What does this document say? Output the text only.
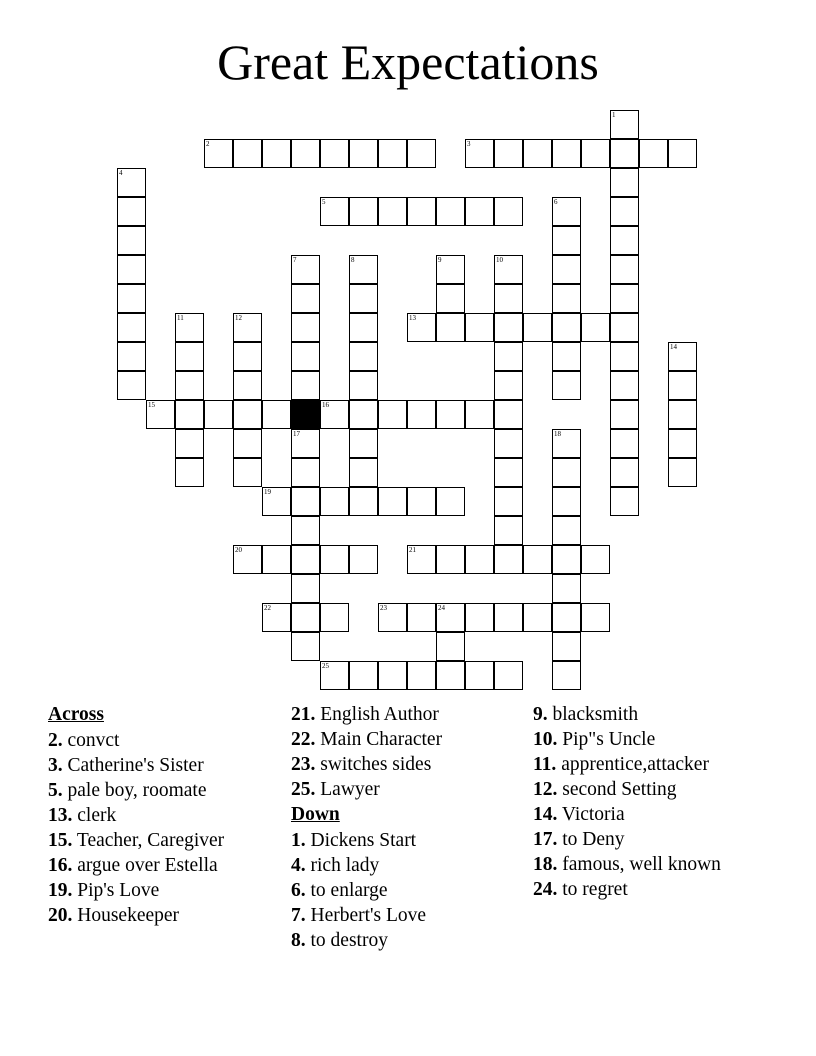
Great Expectations
1
2	3
4
5	6
7	8	9	10
11	12	13
14
15	16
17	18
19
20	21
22	23	24
25
Across
2. convct
3. Catherine's Sister
5. pale boy, roomate
13. clerk
15. Teacher, Caregiver
16. argue over Estella
19. Pip's Love
20. Housekeeper
21. English Author
22. Main Character
23. switches sides
25. Lawyer
Down
1. Dickens Start
4. rich lady
6. to enlarge
7. Herbert's Love
8. to destroy
9. blacksmith
10. Pip"s Uncle
11. apprentice,attacker
12. second Setting
14. Victoria
17. to Deny
18. famous, well known
24. to regret
